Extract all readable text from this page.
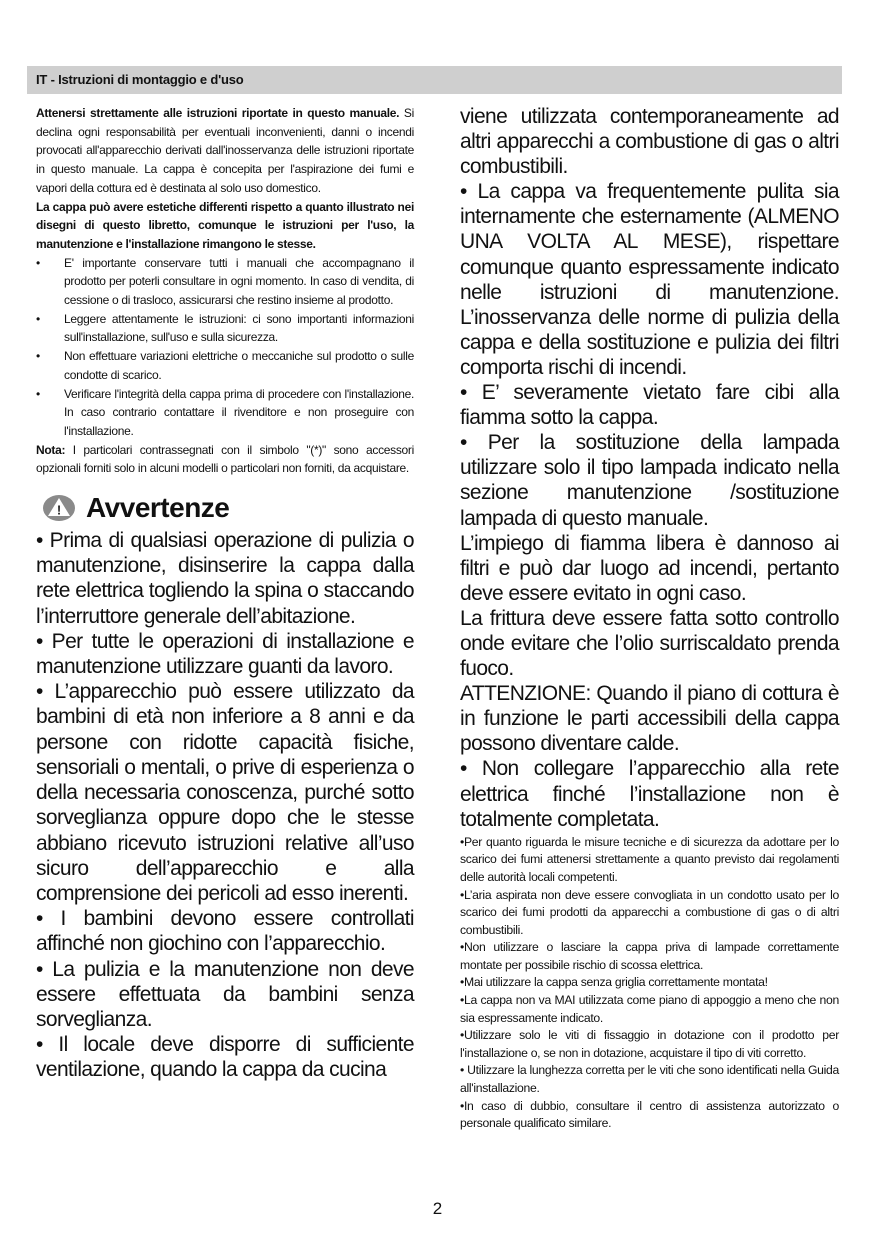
IT - Istruzioni di montaggio e d'uso

Attenersi strettamente alle istruzioni riportate in questo manuale. Si declina ogni responsabilità per eventuali inconvenienti, danni o incendi provocati all'apparecchio derivati dall'inosservanza delle istruzioni riportate in questo manuale. La cappa è concepita per l'aspirazione dei fumi e vapori della cottura ed è destinata al solo uso domestico.

La cappa può avere estetiche differenti rispetto a quanto illustrato nei disegni di questo libretto, comunque le istruzioni per l'uso, la manutenzione e l'installazione rimangono le stesse.

•	E' importante conservare tutti i manuali che accompagnano il prodotto per poterli consultare in ogni momento. In caso di vendita, di cessione o di trasloco, assicurarsi che restino insieme al prodotto.
•	Leggere attentamente le istruzioni: ci sono importanti informazioni sull'installazione, sull'uso e sulla sicurezza.
•	Non effettuare variazioni elettriche o meccaniche sul prodotto o sulle condotte di scarico.
•	Verificare l'integrità della cappa prima di procedere con l'installazione. In caso contrario contattare il rivenditore e non proseguire con l'installazione.

Nota: I particolari contrassegnati con il simbolo "(*)" sono accessori opzionali forniti solo in alcuni modelli o particolari non forniti, da acquistare.

! Avvertenze

• Prima di qualsiasi operazione di pulizia o manutenzione, disinserire la cappa dalla rete elettrica togliendo la spina o staccando l’interruttore generale dell’abitazione.

• Per tutte le operazioni di installazione e manutenzione utilizzare guanti da lavoro.

• L’apparecchio può essere utilizzato da bambini di età non inferiore a 8 anni e da persone con ridotte capacità fisiche, sensoriali o mentali, o prive di esperienza o della necessaria conoscenza, purché sotto sorveglianza oppure dopo che le stesse abbiano ricevuto istruzioni relative all’uso sicuro dell’apparecchio e alla comprensione dei pericoli ad esso inerenti.

• I bambini devono essere controllati affinché non giochino con l’apparecchio.

• La pulizia e la manutenzione non deve essere effettuata da bambini senza sorveglianza.

• Il locale deve disporre di sufficiente ventilazione, quando la cappa da cucina

viene utilizzata contemporaneamente ad altri apparecchi a combustione di gas o altri combustibili.

• La cappa va frequentemente pulita sia internamente che esternamente (ALMENO UNA VOLTA AL MESE), rispettare comunque quanto espressamente indicato nelle istruzioni di manutenzione. L’inosservanza delle norme di pulizia della cappa e della sostituzione e pulizia dei filtri comporta rischi di incendi.

• E’ severamente vietato fare cibi alla fiamma sotto la cappa.

• Per la sostituzione della lampada utilizzare solo il tipo lampada indicato nella sezione manutenzione /sostituzione lampada di questo manuale.

L’impiego di fiamma libera è dannoso ai filtri e può dar luogo ad incendi, pertanto deve essere evitato in ogni caso.

La frittura deve essere fatta sotto controllo onde evitare che l’olio surriscaldato prenda fuoco.

ATTENZIONE: Quando il piano di cottura è in funzione le parti accessibili della cappa possono diventare calde.

• Non collegare l’apparecchio alla rete elettrica finché l’installazione non è totalmente completata.

•Per quanto riguarda le misure tecniche e di sicurezza da adottare per lo scarico dei fumi attenersi strettamente a quanto previsto dai regolamenti delle autorità locali competenti.

•L’aria aspirata non deve essere convogliata in un condotto usato per lo scarico dei fumi prodotti da apparecchi a combustione di gas o di altri combustibili.

•Non utilizzare o lasciare la cappa priva di lampade correttamente montate per possibile rischio di scossa elettrica.

•Mai utilizzare la cappa senza griglia correttamente montata!

•La cappa non va MAI utilizzata come piano di appoggio a meno che non sia espressamente indicato.

•Utilizzare solo le viti di fissaggio in dotazione con il prodotto per l'installazione o, se non in dotazione, acquistare il tipo di viti corretto.

• Utilizzare la lunghezza corretta per le viti che sono identificati nella Guida all'installazione.

•In caso di dubbio, consultare il centro di assistenza autorizzato o personale qualificato similare.

2
